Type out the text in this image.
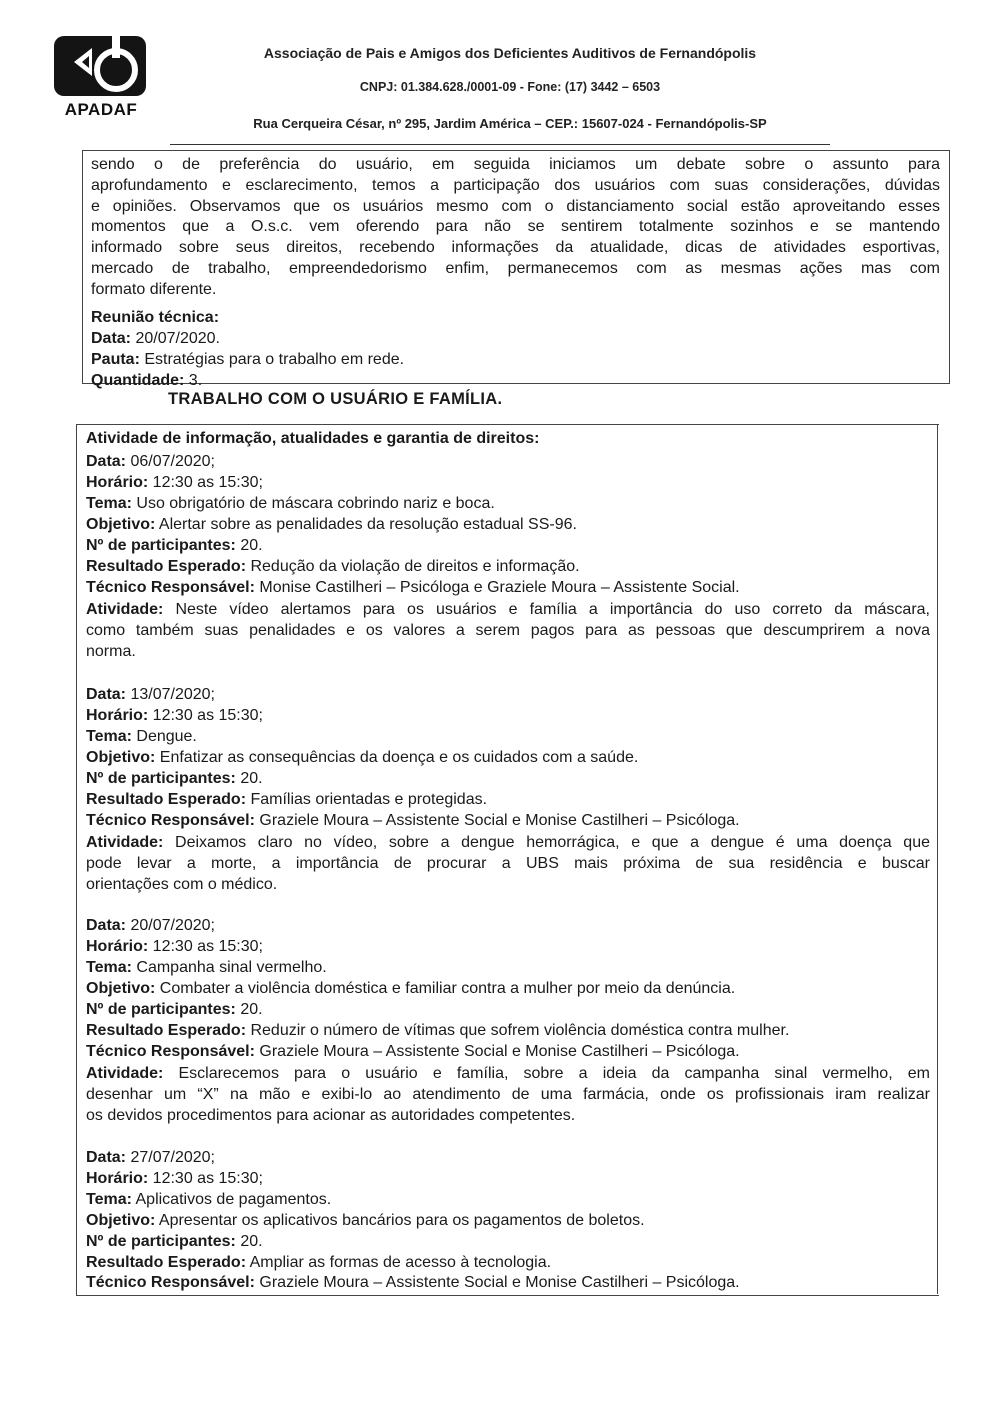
APADAF
Associação de Pais e Amigos dos Deficientes Auditivos de Fernandópolis
CNPJ: 01.384.628./0001-09 - Fone: (17) 3442 – 6503
Rua Cerqueira César, nº 295, Jardim América – CEP.: 15607-024 - Fernandópolis-SP
sendo o de preferência do usuário, em seguida iniciamos um debate sobre o assunto para
aprofundamento e esclarecimento, temos a participação dos usuários com suas considerações, dúvidas
e opiniões. Observamos que os usuários mesmo com o distanciamento social estão aproveitando esses
momentos que a O.s.c. vem oferendo para não se sentirem totalmente sozinhos e se mantendo
informado sobre seus direitos, recebendo informações da atualidade, dicas de atividades esportivas,
mercado de trabalho, empreendedorismo enfim, permanecemos com as mesmas ações mas com
formato diferente.
Reunião técnica:
Data: 20/07/2020.
Pauta: Estratégias para o trabalho em rede.
Quantidade: 3.
TRABALHO COM O USUÁRIO E FAMÍLIA.
Atividade de informação, atualidades e garantia de direitos:
Data: 06/07/2020;
Horário: 12:30 as 15:30;
Tema: Uso obrigatório de máscara cobrindo nariz e boca.
Objetivo: Alertar sobre as penalidades da resolução estadual SS-96.
Nº de participantes: 20.
Resultado Esperado: Redução da violação de direitos e informação.
Técnico Responsável: Monise Castilheri – Psicóloga e Graziele Moura – Assistente Social.
Atividade: Neste vídeo alertamos para os usuários e família a importância do uso correto da máscara,
como também suas penalidades e os valores a serem pagos para as pessoas que descumprirem a nova
norma.
Data: 13/07/2020;
Horário: 12:30 as 15:30;
Tema: Dengue.
Objetivo: Enfatizar as consequências da doença e os cuidados com a saúde.
Nº de participantes: 20.
Resultado Esperado: Famílias orientadas e protegidas.
Técnico Responsável: Graziele Moura – Assistente Social e Monise Castilheri – Psicóloga.
Atividade: Deixamos claro no vídeo, sobre a dengue hemorrágica, e que a dengue é uma doença que
pode levar a morte, a importância de procurar a UBS mais próxima de sua residência e buscar
orientações com o médico.
Data: 20/07/2020;
Horário: 12:30 as 15:30;
Tema: Campanha sinal vermelho.
Objetivo: Combater a violência doméstica e familiar contra a mulher por meio da denúncia.
Nº de participantes: 20.
Resultado Esperado: Reduzir o número de vítimas que sofrem violência doméstica contra mulher.
Técnico Responsável: Graziele Moura – Assistente Social e Monise Castilheri – Psicóloga.
Atividade: Esclarecemos para o usuário e família, sobre a ideia da campanha sinal vermelho, em
desenhar um “X” na mão e exibi-lo ao atendimento de uma farmácia, onde os profissionais iram realizar
os devidos procedimentos para acionar as autoridades competentes.
Data: 27/07/2020;
Horário: 12:30 as 15:30;
Tema: Aplicativos de pagamentos.
Objetivo: Apresentar os aplicativos bancários para os pagamentos de boletos.
Nº de participantes: 20.
Resultado Esperado: Ampliar as formas de acesso à tecnologia.
Técnico Responsável: Graziele Moura – Assistente Social e Monise Castilheri – Psicóloga.
